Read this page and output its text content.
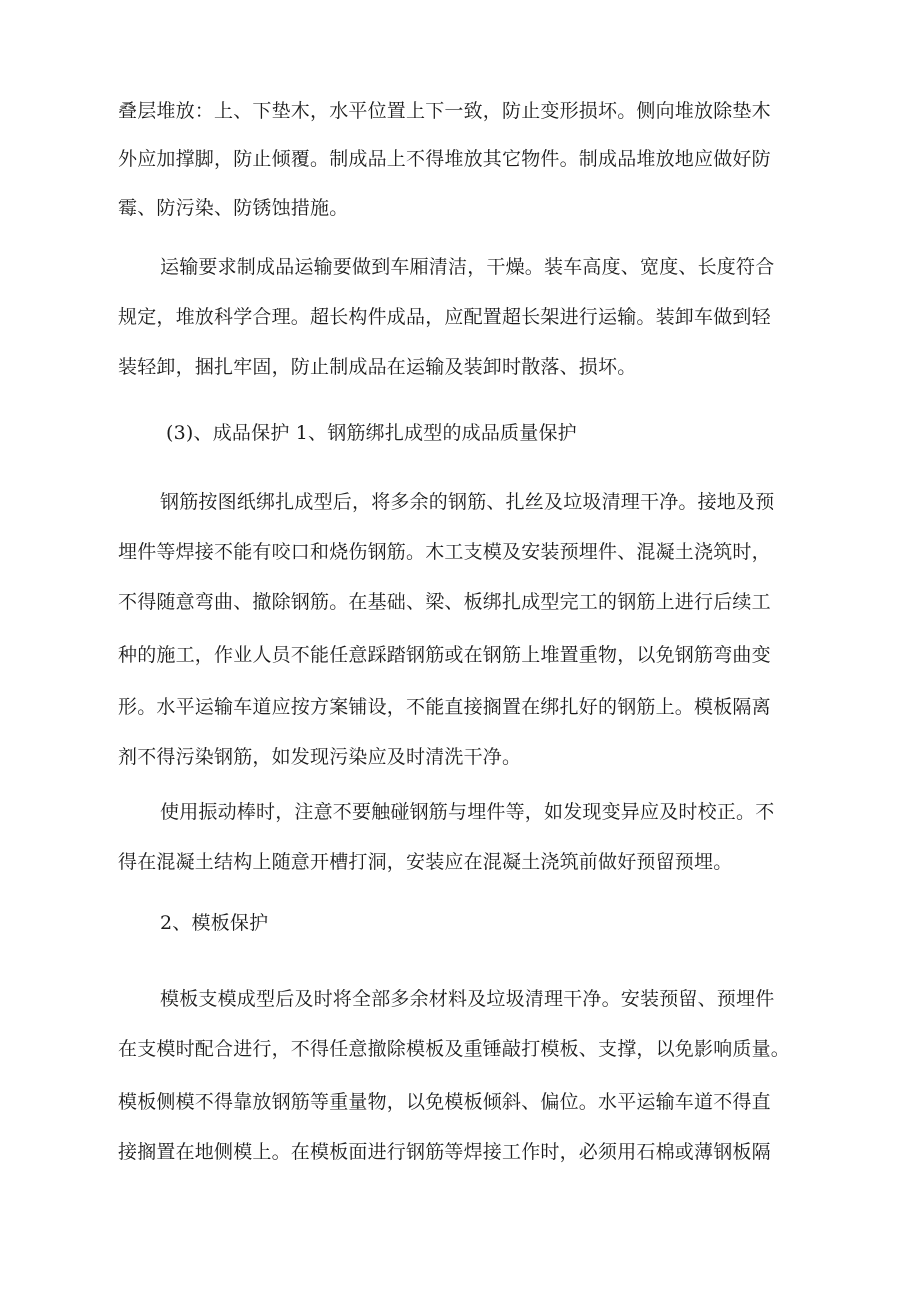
叠层堆放：上、下垫木，水平位置上下一致，防止变形损坏。侧向堆放除垫木
外应加撑脚，防止倾覆。制成品上不得堆放其它物件。制成品堆放地应做好防
霉、防污染、防锈蚀措施。
运输要求制成品运输要做到车厢清洁，干燥。装车高度、宽度、长度符合
规定，堆放科学合理。超长构件成品，应配置超长架进行运输。装卸车做到轻
装轻卸，捆扎牢固，防止制成品在运输及装卸时散落、损坏。
(3)、成品保护 1、钢筋绑扎成型的成品质量保护
钢筋按图纸绑扎成型后，将多余的钢筋、扎丝及垃圾清理干净。接地及预
埋件等焊接不能有咬口和烧伤钢筋。木工支模及安装预埋件、混凝土浇筑时，
不得随意弯曲、撤除钢筋。在基础、梁、板绑扎成型完工的钢筋上进行后续工
种的施工，作业人员不能任意踩踏钢筋或在钢筋上堆置重物，以免钢筋弯曲变
形。水平运输车道应按方案铺设，不能直接搁置在绑扎好的钢筋上。模板隔离
剂不得污染钢筋，如发现污染应及时清洗干净。
使用振动棒时，注意不要触碰钢筋与埋件等，如发现变异应及时校正。不
得在混凝土结构上随意开槽打洞，安装应在混凝土浇筑前做好预留预埋。
2、模板保护
模板支模成型后及时将全部多余材料及垃圾清理干净。安装预留、预埋件
在支模时配合进行，不得任意撤除模板及重锤敲打模板、支撑，以免影响质量。
模板侧模不得靠放钢筋等重量物，以免模板倾斜、偏位。水平运输车道不得直
接搁置在地侧模上。在模板面进行钢筋等焊接工作时，必须用石棉或薄钢板隔
